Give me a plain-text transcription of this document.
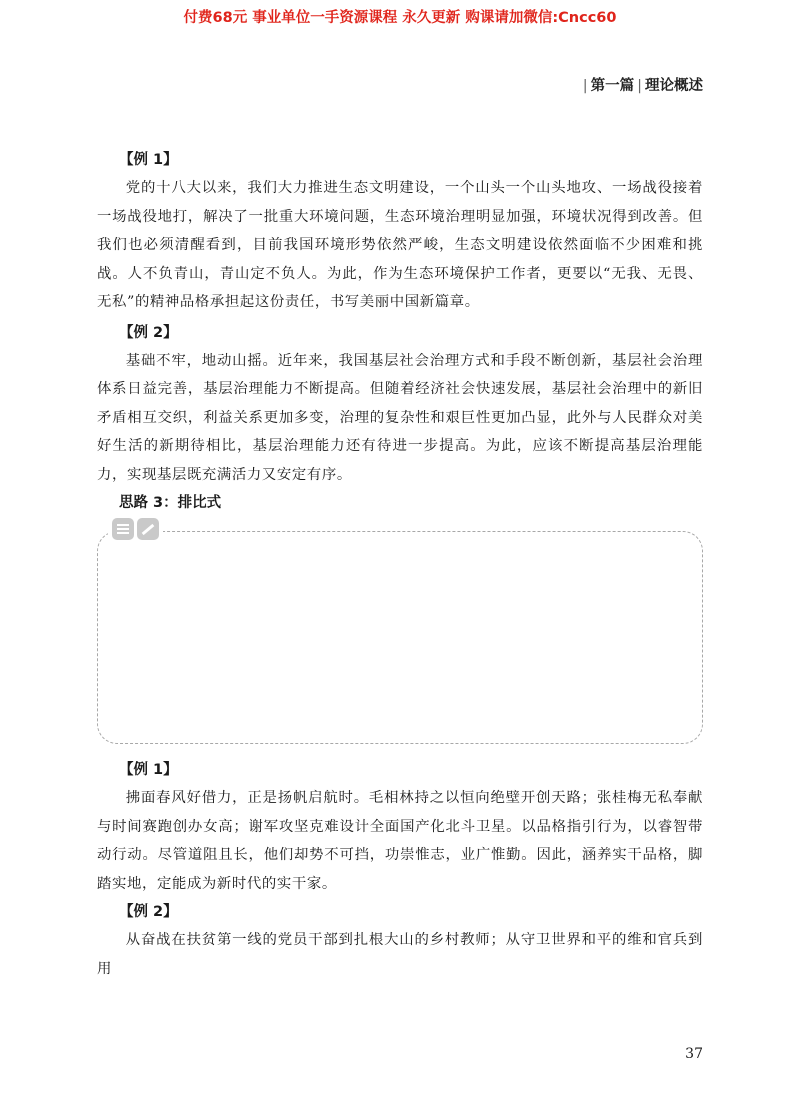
付费68元 事业单位一手资源课程 永久更新 购课请加微信:Cncc60
| 第一篇 | 理论概述

【例 1】

党的十八大以来，我们大力推进生态文明建设，一个山头一个山头地攻、一场战役接着一场战役地打，解决了一批重大环境问题，生态环境治理明显加强，环境状况得到改善。但我们也必须清醒看到，目前我国环境形势依然严峻，生态文明建设依然面临不少困难和挑战。人不负青山，青山定不负人。为此，作为生态环境保护工作者，更要以“无我、无畏、无私”的精神品格承担起这份责任，书写美丽中国新篇章。

【例 2】

基础不牢，地动山摇。近年来，我国基层社会治理方式和手段不断创新，基层社会治理体系日益完善，基层治理能力不断提高。但随着经济社会快速发展，基层社会治理中的新旧矛盾相互交织，利益关系更加多变，治理的复杂性和艰巨性更加凸显，此外与人民群众对美好生活的新期待相比，基层治理能力还有待进一步提高。为此，应该不断提高基层治理能力，实现基层既充满活力又安定有序。

思路 3：排比式

【例 1】

拂面春风好借力，正是扬帆启航时。毛相林持之以恒向绝壁开创天路；张桂梅无私奉献与时间赛跑创办女高；谢军攻坚克难设计全面国产化北斗卫星。以品格指引行为，以睿智带动行动。尽管道阻且长，他们却势不可挡，功崇惟志，业广惟勤。因此，涵养实干品格，脚踏实地，定能成为新时代的实干家。

【例 2】

从奋战在扶贫第一线的党员干部到扎根大山的乡村教师；从守卫世界和平的维和官兵到用

37
